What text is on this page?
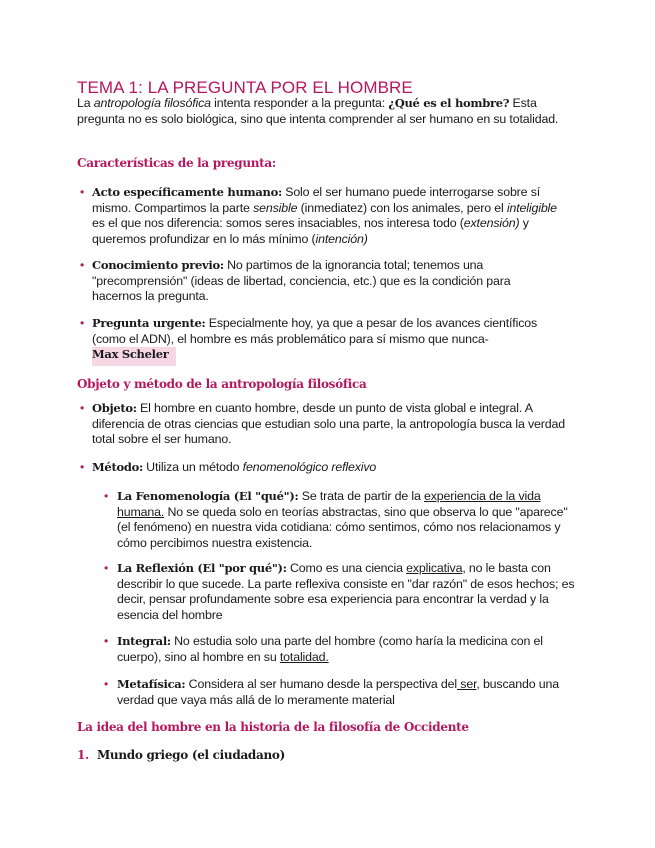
TEMA 1: LA PREGUNTA POR EL HOMBRE

La antropología filosófica intenta responder a la pregunta: ¿Qué es el hombre? Esta pregunta no es solo biológica, sino que intenta comprender al ser humano en su totalidad.

Características de la pregunta:
• Acto específicamente humano: Solo el ser humano puede interrogarse sobre sí mismo. Compartimos la parte sensible (inmediatez) con los animales, pero el inteligible es el que nos diferencia: somos seres insaciables, nos interesa todo (extensión) y queremos profundizar en lo más mínimo (intención)

• Conocimiento previo: No partimos de la ignorancia total; tenemos una "precomprensión" (ideas de libertad, conciencia, etc.) que es la condición para hacernos la pregunta.

• Pregunta urgente: Especialmente hoy, ya que a pesar de los avances científicos (como el ADN), el hombre es más problemático para sí mismo que nunca- Max Scheler

Objeto y método de la antropología filosófica
• Objeto: El hombre en cuanto hombre, desde un punto de vista global e integral. A diferencia de otras ciencias que estudian solo una parte, la antropología busca la verdad total sobre el ser humano.

• Método: Utiliza un método fenomenológico reflexivo

• La Fenomenología (El "qué"): Se trata de partir de la experiencia de la vida humana. No se queda solo en teorías abstractas, sino que observa lo que "aparece" (el fenómeno) en nuestra vida cotidiana: cómo sentimos, cómo nos relacionamos y cómo percibimos nuestra existencia.

• La Reflexión (El "por qué"): Como es una ciencia explicativa, no le basta con describir lo que sucede. La parte reflexiva consiste en "dar razón" de esos hechos; es decir, pensar profundamente sobre esa experiencia para encontrar la verdad y la esencia del hombre

• Integral: No estudia solo una parte del hombre (como haría la medicina con el cuerpo), sino al hombre en su totalidad.

• Metafísica: Considera al ser humano desde la perspectiva del ser, buscando una verdad que vaya más allá de lo meramente material

La idea del hombre en la historia de la filosofía de Occidente

1. Mundo griego (el ciudadano)
